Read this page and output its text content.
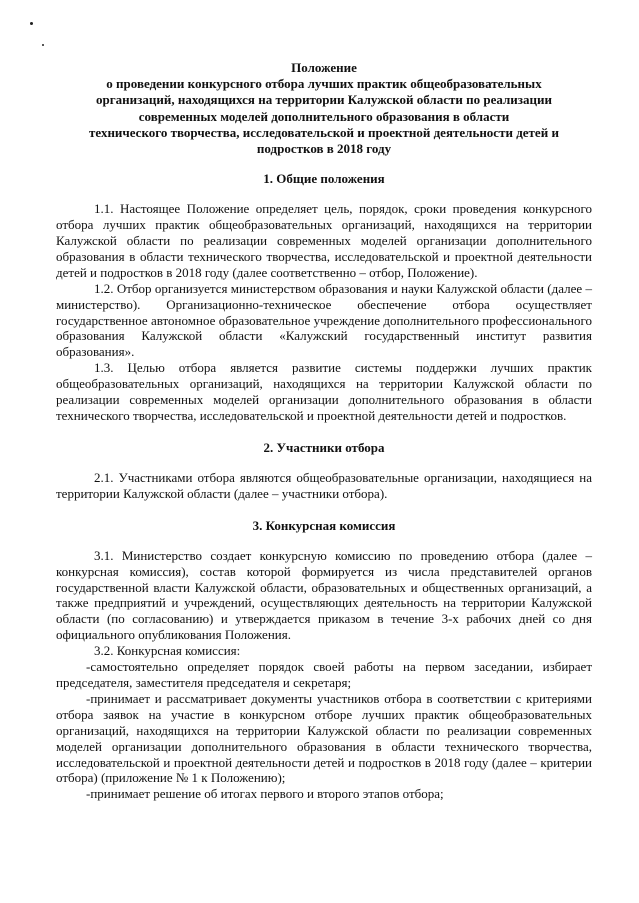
Положение
о проведении конкурсного отбора лучших практик общеобразовательных
организаций, находящихся на территории Калужской области по реализации
современных моделей дополнительного образования в области
технического творчества, исследовательской и проектной деятельности детей и
подростков в 2018 году
1. Общие положения

1.1. Настоящее Положение определяет цель, порядок, сроки проведения конкурсного отбора лучших практик общеобразовательных организаций, находящихся на территории Калужской области по реализации современных моделей организации дополнительного образования в области технического творчества, исследовательской и проектной деятельности детей и подростков в 2018 году (далее соответственно – отбор, Положение).

1.2. Отбор организуется министерством образования и науки Калужской области (далее – министерство). Организационно-техническое обеспечение отбора осуществляет государственное автономное образовательное учреждение дополнительного профессионального образования Калужской области «Калужский государственный институт развития образования».

1.3. Целью отбора является развитие системы поддержки лучших практик общеобразовательных организаций, находящихся на территории Калужской области по реализации современных моделей организации дополнительного образования в области технического творчества, исследовательской и проектной деятельности детей и подростков.

2. Участники отбора

2.1. Участниками отбора являются общеобразовательные организации, находящиеся на территории Калужской области (далее – участники отбора).

3. Конкурсная комиссия

3.1. Министерство создает конкурсную комиссию по проведению отбора (далее – конкурсная комиссия), состав которой формируется из числа представителей органов государственной власти Калужской области, образовательных и общественных организаций, а также предприятий и учреждений, осуществляющих деятельность на территории Калужской области (по согласованию) и утверждается приказом в течение 3-х рабочих дней со дня официального опубликования Положения.

3.2. Конкурсная комиссия:

-самостоятельно определяет порядок своей работы на первом заседании, избирает председателя, заместителя председателя и секретаря;

-принимает и рассматривает документы участников отбора в соответствии с критериями отбора заявок на участие в конкурсном отборе лучших практик общеобразовательных организаций, находящихся на территории Калужской области по реализации современных моделей организации дополнительного образования в области технического творчества, исследовательской и проектной деятельности детей и подростков в 2018 году (далее – критерии отбора) (приложение № 1 к Положению);

-принимает решение об итогах первого и второго этапов отбора;
